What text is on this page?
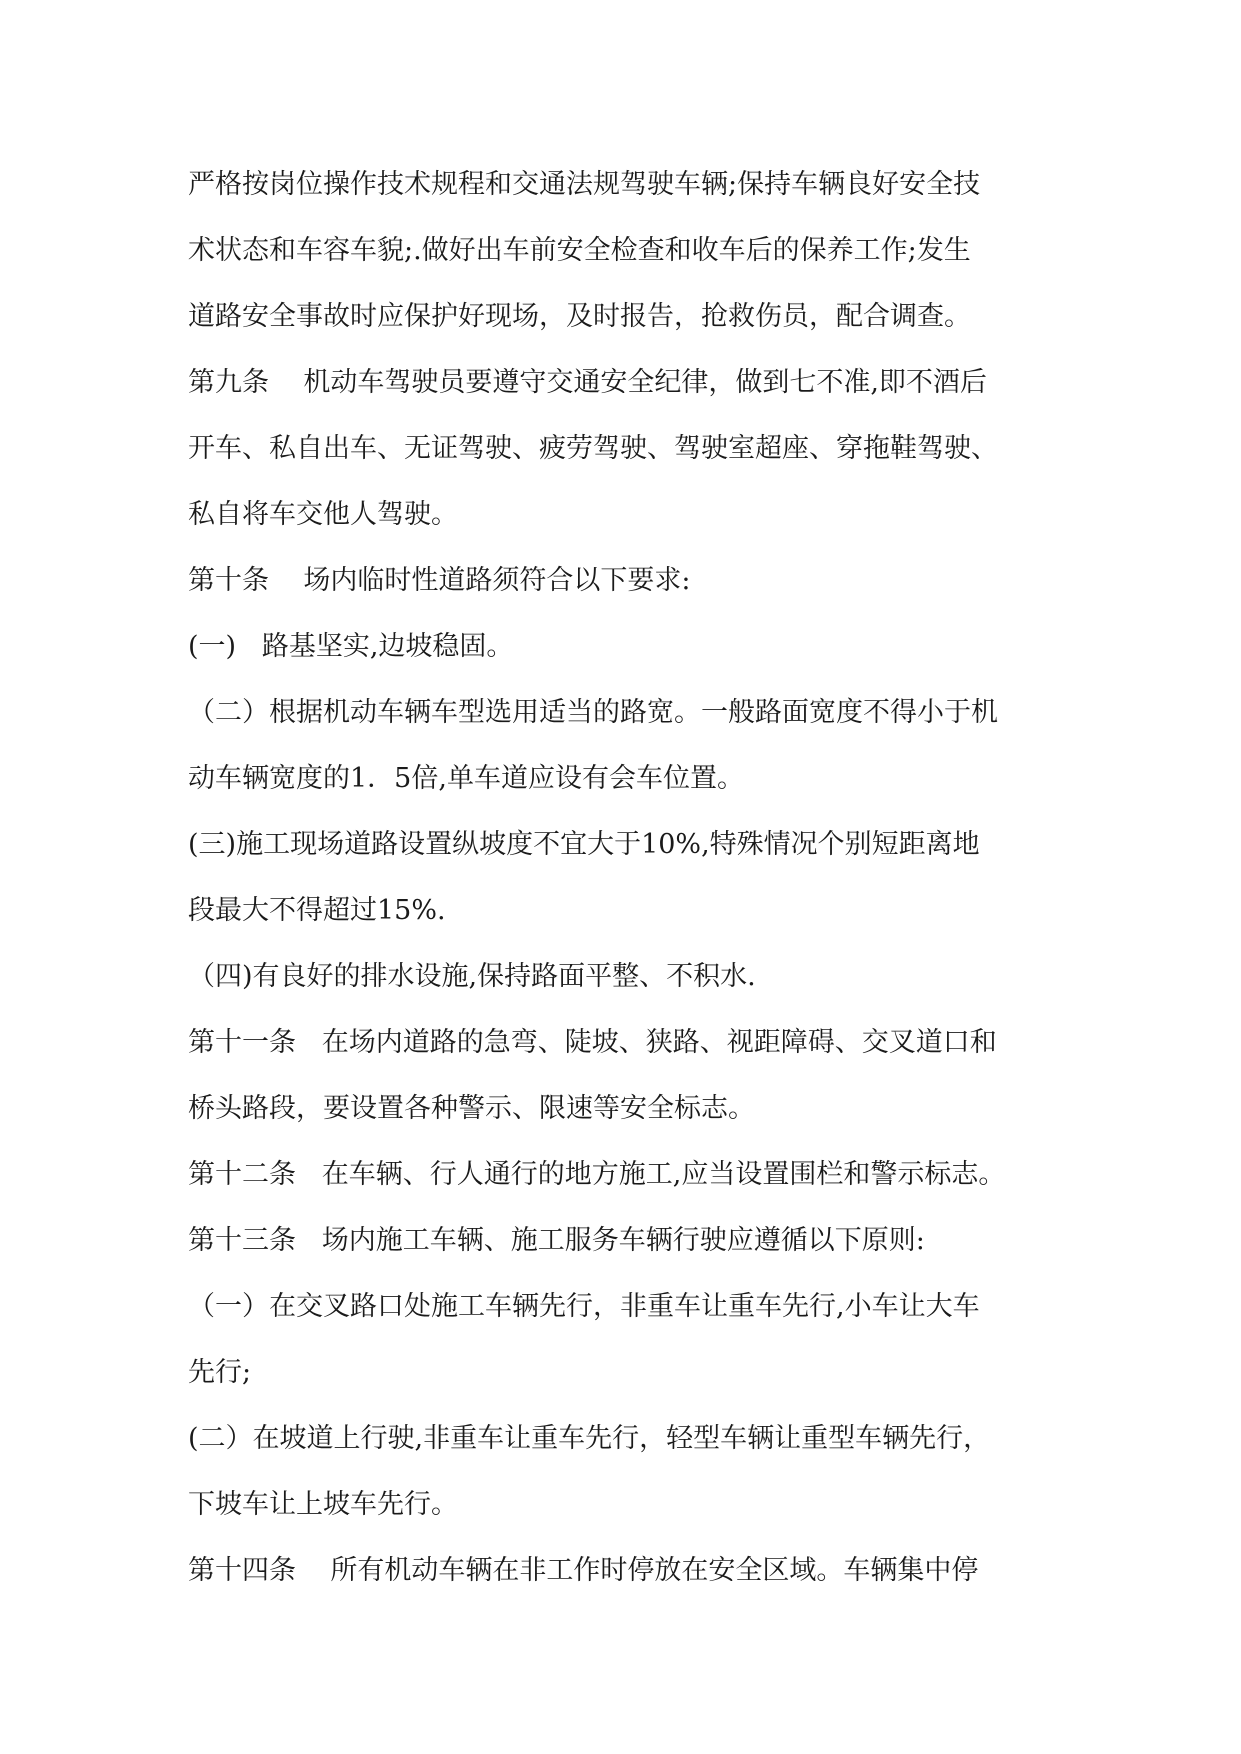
严格按岗位操作技术规程和交通法规驾驶车辆;保持车辆良好安全技
术状态和车容车貌;.做好出车前安全检查和收车后的保养工作;发生
道路安全事故时应保护好现场，及时报告，抢救伤员，配合调查。
第九条    机动车驾驶员要遵守交通安全纪律，做到七不准,即不酒后
开车、私自出车、无证驾驶、疲劳驾驶、驾驶室超座、穿拖鞋驾驶、
私自将车交他人驾驶。
第十条    场内临时性道路须符合以下要求:
(一)   路基坚实,边坡稳固。
（二）根据机动车辆车型选用适当的路宽。一般路面宽度不得小于机
动车辆宽度的1．5倍,单车道应设有会车位置。
(三)施工现场道路设置纵坡度不宜大于10%,特殊情况个别短距离地
段最大不得超过15%.
（四)有良好的排水设施,保持路面平整、不积水.
第十一条   在场内道路的急弯、陡坡、狭路、视距障碍、交叉道口和
桥头路段，要设置各种警示、限速等安全标志。
第十二条   在车辆、行人通行的地方施工,应当设置围栏和警示标志。
第十三条   场内施工车辆、施工服务车辆行驶应遵循以下原则:
（一）在交叉路口处施工车辆先行，非重车让重车先行,小车让大车
先行;
(二）在坡道上行驶,非重车让重车先行，轻型车辆让重型车辆先行，
下坡车让上坡车先行。
第十四条    所有机动车辆在非工作时停放在安全区域。车辆集中停
